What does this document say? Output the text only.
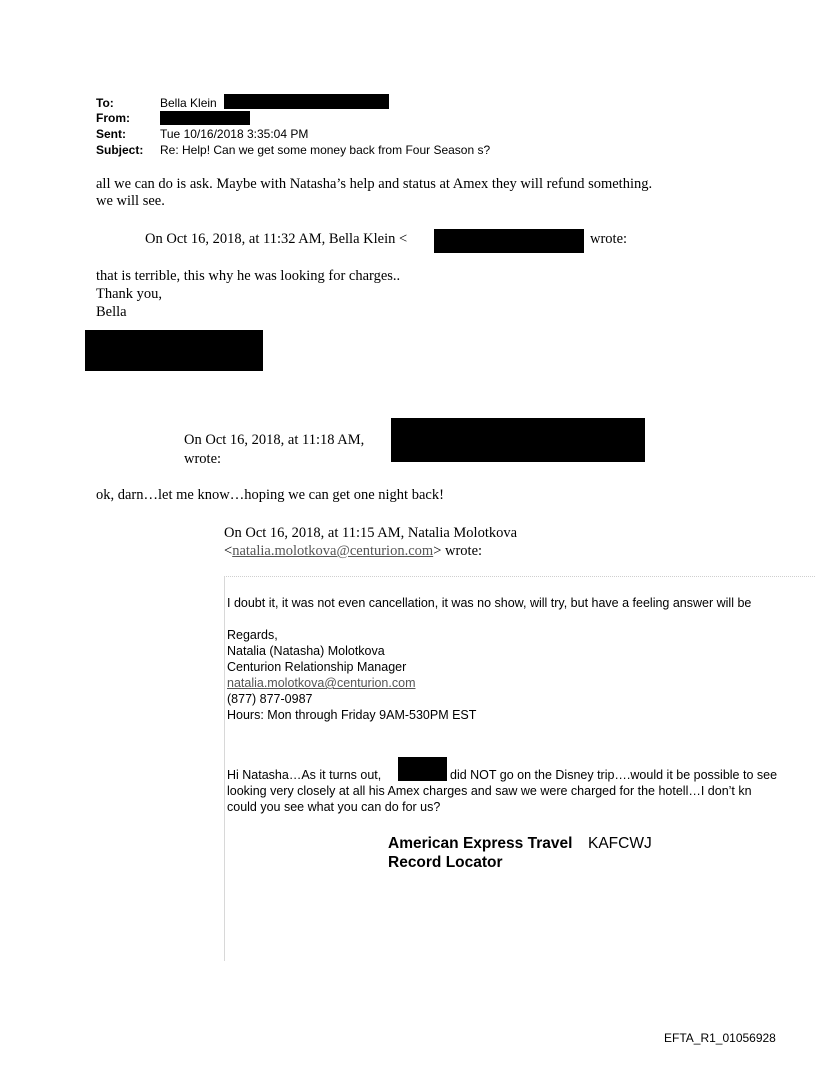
To:	Bella Klein
From:
Sent:	Tue 10/16/2018 3:35:04 PM
Subject: Re: Help! Can we get some money back from Four Season s?
all we can do is ask. Maybe with Natasha’s help and status at Amex they will refund something.
we will see.
On Oct 16, 2018, at 11:32 AM, Bella Klein <	wrote:
that is terrible, this why he was looking for charges..
Thank you,
Bella
On Oct 16, 2018, at 11:18 AM,
wrote:
ok, darn…let me know…hoping we can get one night back!
On Oct 16, 2018, at 11:15 AM, Natalia Molotkova
<natalia.molotkova@centurion.com> wrote:
I doubt it, it was not even cancellation, it was no show, will try, but have a feeling answer will be
Regards,
Natalia (Natasha) Molotkova
Centurion Relationship Manager
natalia.molotkova@centurion.com
(877) 877-0987
Hours: Mon through Friday 9AM-530PM EST
Hi Natasha…As it turns out,	did NOT go on the Disney trip….would it be possible to see
looking very closely at all his Amex charges and saw we were charged for the hotell…I don’t kn
could you see what you can do for us?
American Express Travel KAFCWJ
Record Locator
EFTA_R1_01056928
